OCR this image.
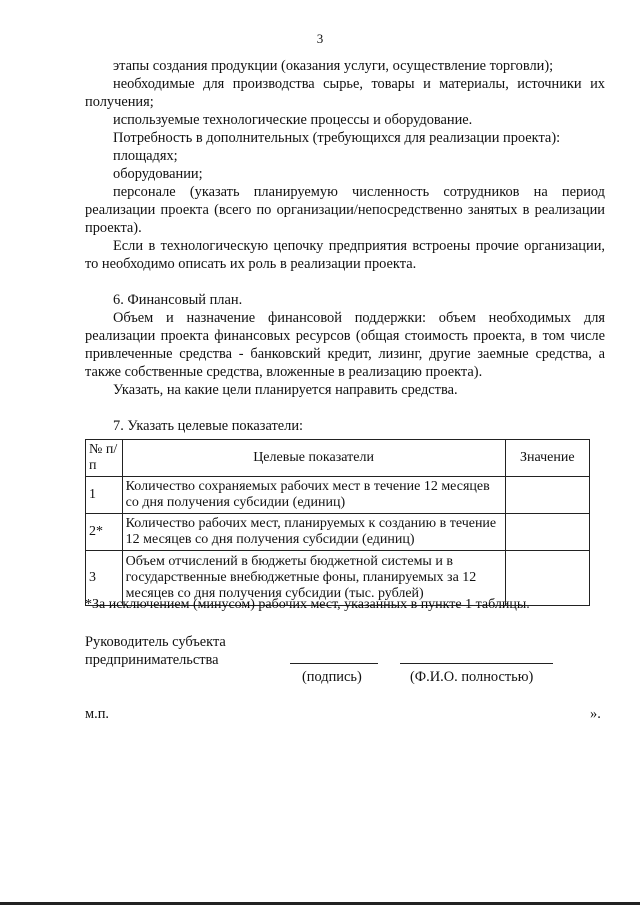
3

этапы создания продукции (оказания услуги, осуществление торговли);

необходимые для производства сырье, товары и материалы, источники их получения;

используемые технологические процессы и оборудование.

Потребность в дополнительных (требующихся для реализации проекта):

площадях;

оборудовании;

персонале (указать планируемую численность сотрудников на период реализации проекта (всего по организации/непосредственно занятых в реализации проекта).

Если в технологическую цепочку предприятия встроены прочие организации, то необходимо описать их роль в реализации проекта.

6. Финансовый план.

Объем и назначение финансовой поддержки: объем необходимых для реализации проекта финансовых ресурсов (общая стоимость проекта, в том числе привлеченные средства - банковский кредит, лизинг, другие заемные средства, а также собственные средства, вложенные в реализацию проекта).

Указать, на какие цели планируется направить средства.

7. Указать целевые показатели:

№ п/п	Целевые показатели	Значение
1	Количество сохраняемых рабочих мест в течение 12 месяцев со дня получения субсидии (единиц)	
2*	Количество рабочих мест, планируемых к созданию в течение 12 месяцев со дня получения субсидии (единиц)	
3	Объем отчислений в бюджеты бюджетной системы и в государственные внебюджетные фоны, планируемых за 12 месяцев со дня получения субсидии (тыс. рублей)	
*За исключением (минусом) рабочих мест, указанных в пункте 1 таблицы.
Руководитель субъекта
предпринимательства
(подпись)	(Ф.И.О. полностью)
м.п.	».
